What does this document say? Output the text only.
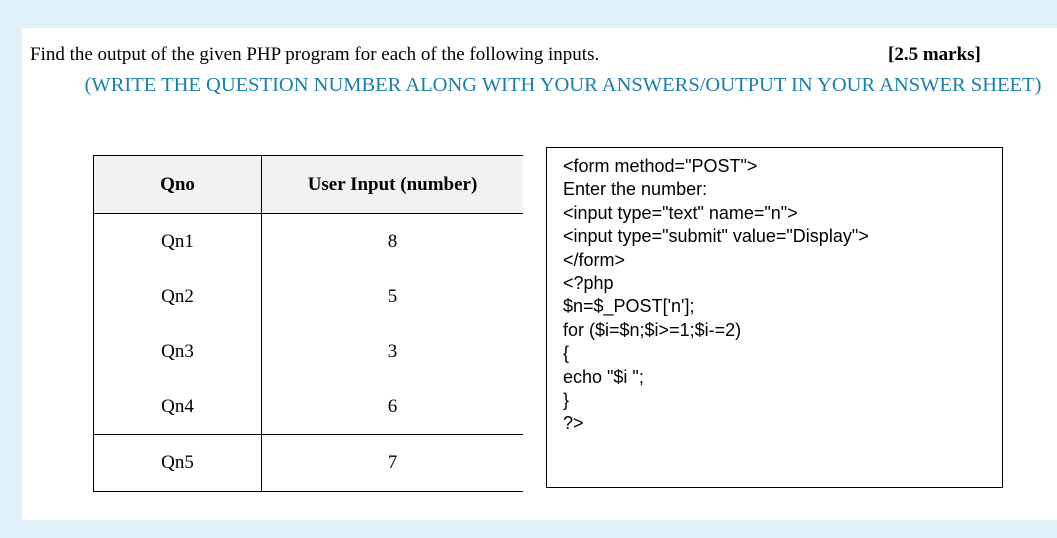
Find the output of the given PHP program for each of the following inputs.	[2.5 marks]
(WRITE THE QUESTION NUMBER ALONG WITH YOUR ANSWERS/OUTPUT IN YOUR ANSWER SHEET)
Qno	User Input (number)
Qn1	8
Qn2	5
Qn3	3
Qn4	6
Qn5	7
<form method="POST">
Enter the number:
<input type="text" name="n">
<input type="submit" value="Display">
</form>
<?php
$n=$_POST['n'];
for ($i=$n;$i>=1;$i-=2)
{
echo "$i ";
}
?>
